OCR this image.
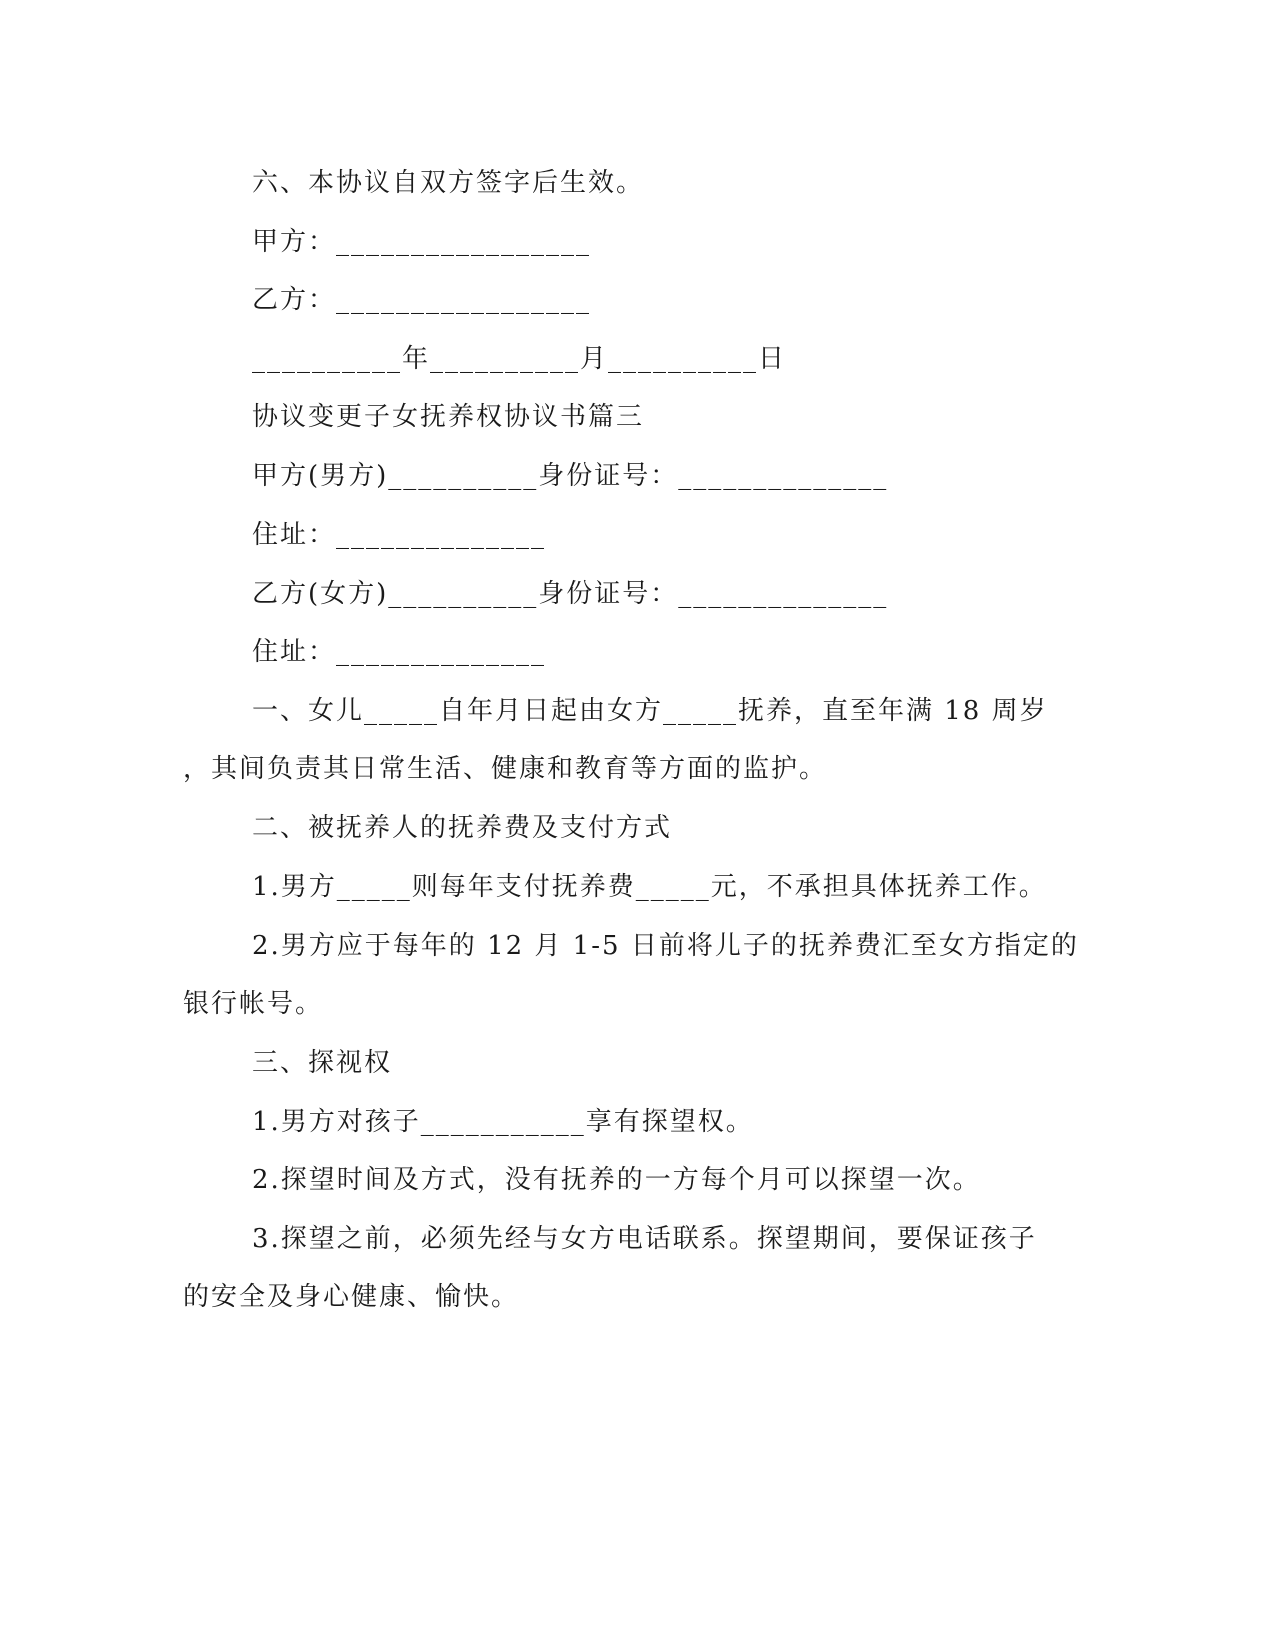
六、本协议自双方签字后生效。
甲方：_________________
乙方：_________________
__________年__________月__________日
协议变更子女抚养权协议书篇三
甲方(男方)__________身份证号：______________
住址：______________
乙方(女方)__________身份证号：______________
住址：______________
一、女儿_____自年月日起由女方_____抚养，直至年满 18 周岁
，其间负责其日常生活、健康和教育等方面的监护。
二、被抚养人的抚养费及支付方式
1.男方_____则每年支付抚养费_____元，不承担具体抚养工作。
2.男方应于每年的 12 月 1-5 日前将儿子的抚养费汇至女方指定的
银行帐号。
三、探视权
1.男方对孩子___________享有探望权。
2.探望时间及方式，没有抚养的一方每个月可以探望一次。
3.探望之前，必须先经与女方电话联系。探望期间，要保证孩子
的安全及身心健康、愉快。
